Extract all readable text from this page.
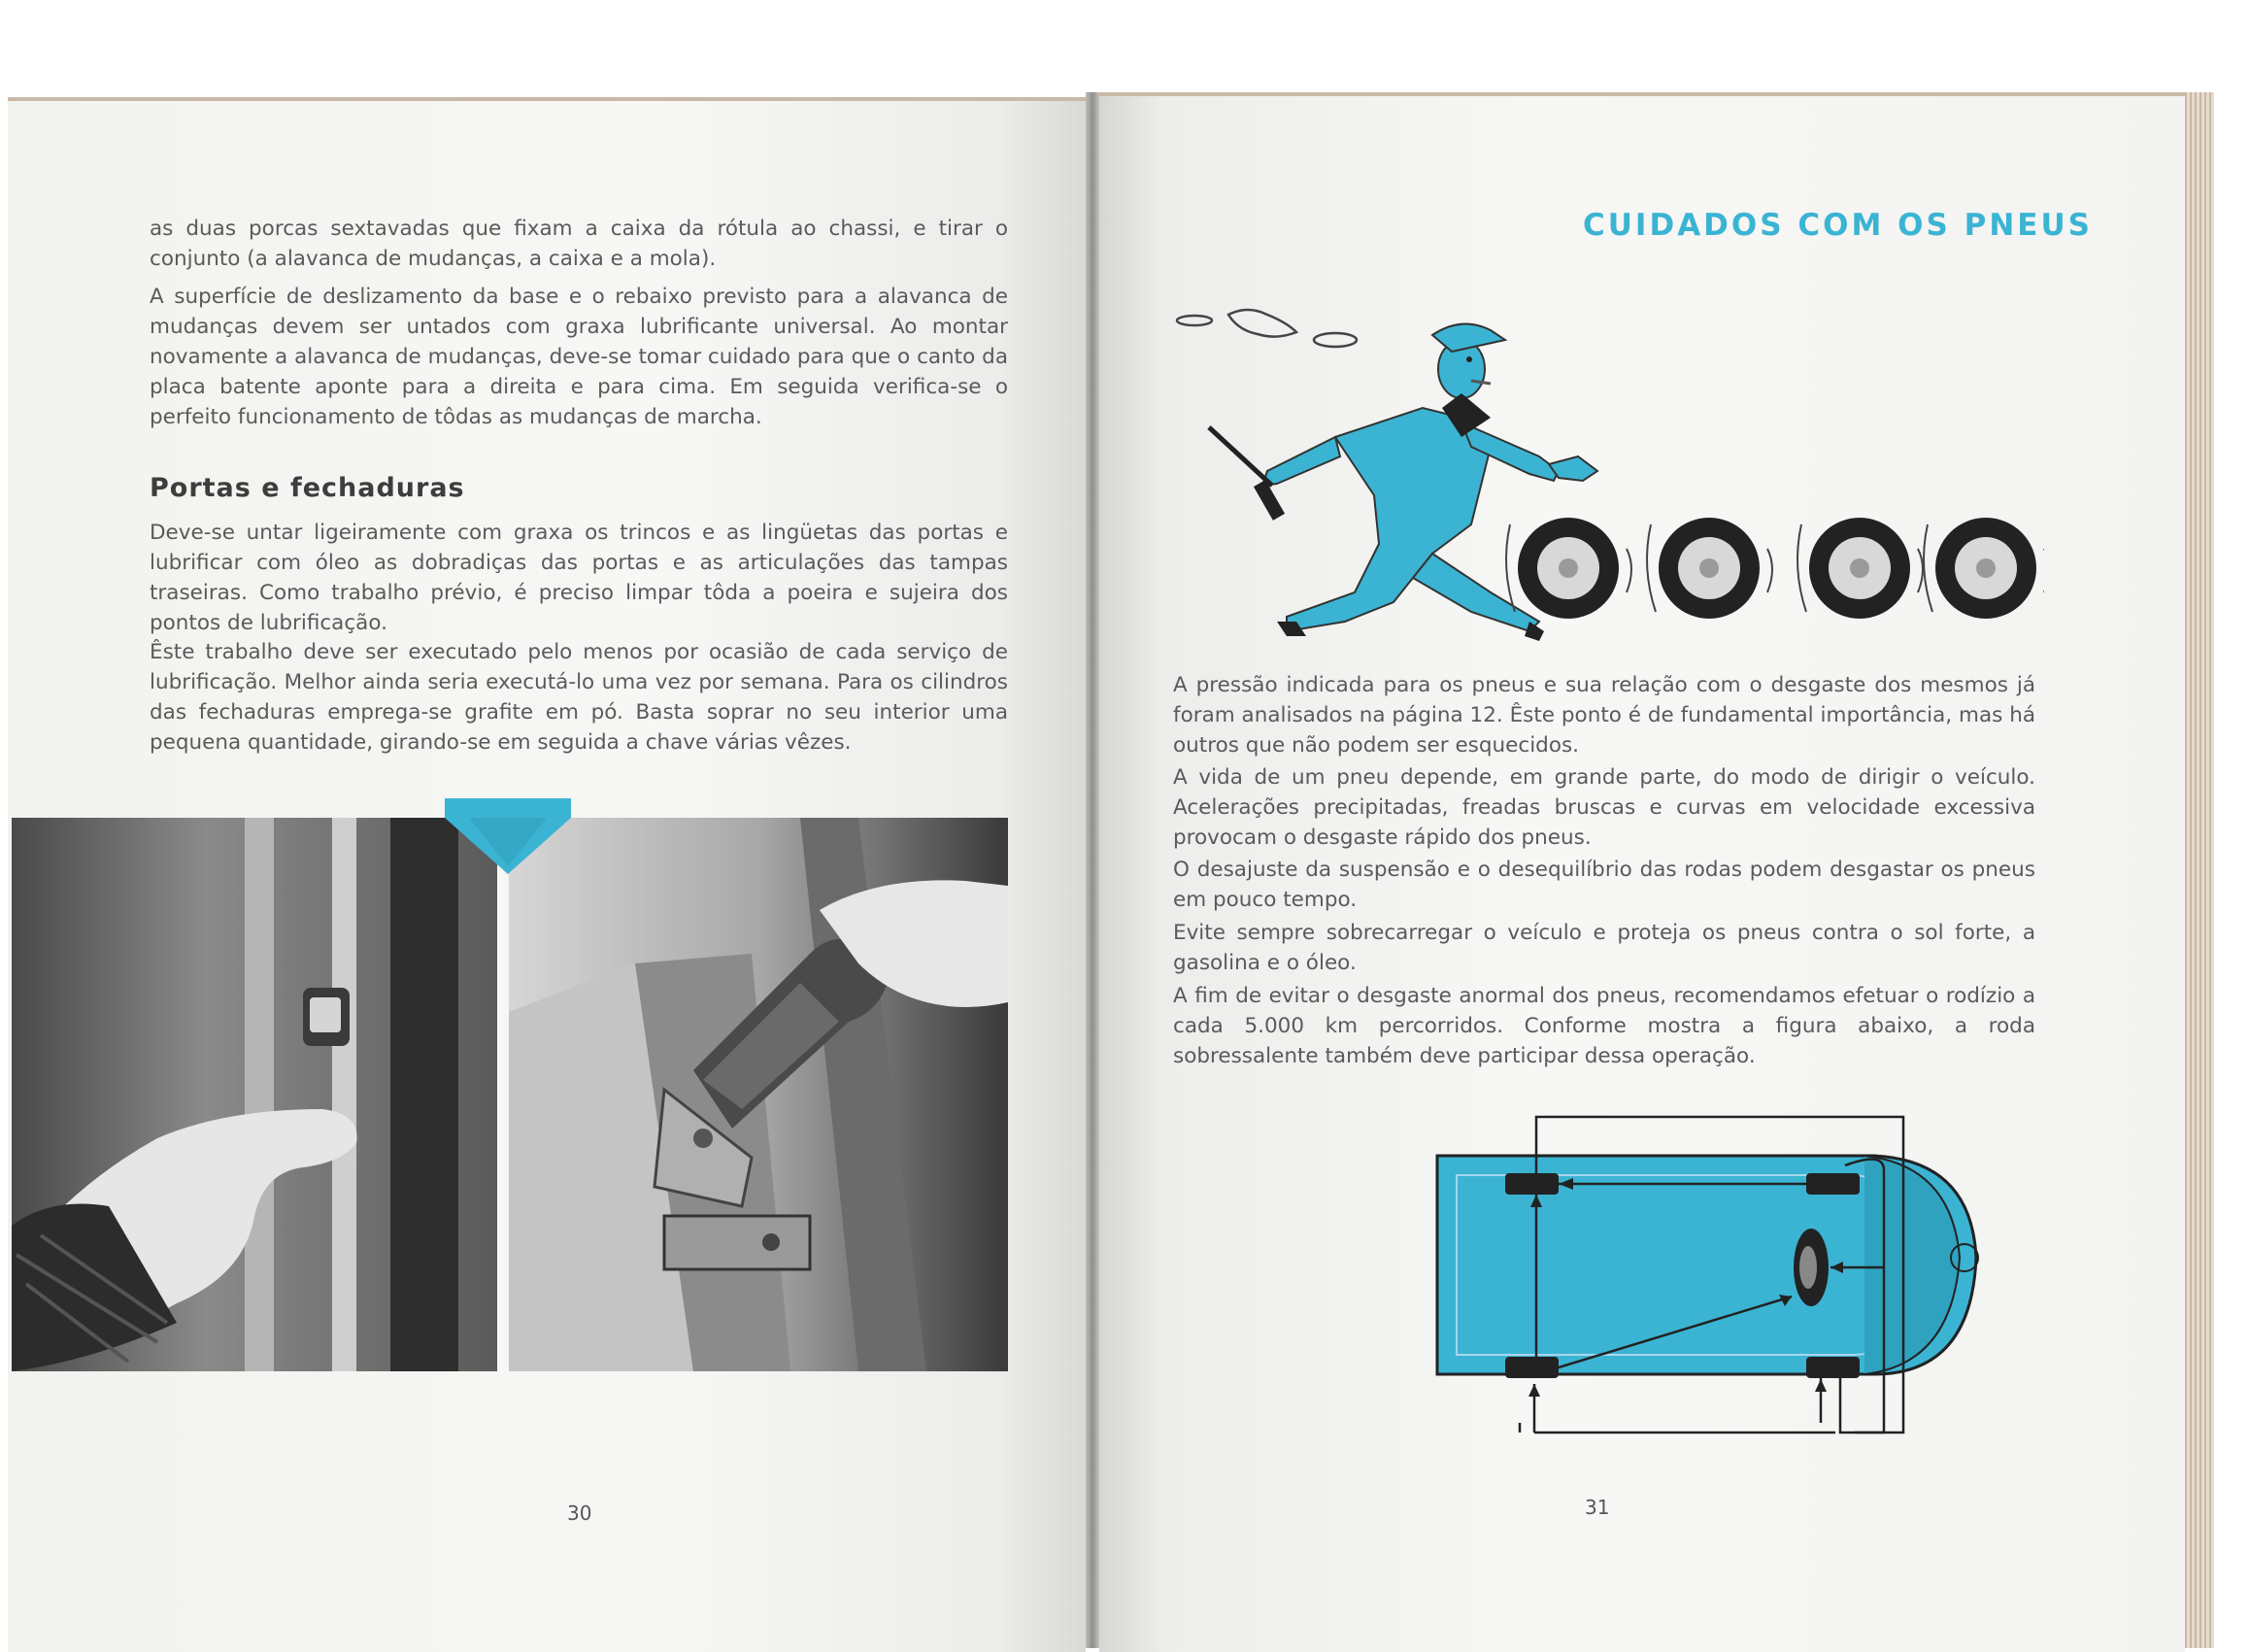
as duas porcas sextavadas que fixam a caixa da rótula ao chassi, e tirar o conjunto (a alavanca de mudanças, a caixa e a mola).

A superfície de deslizamento da base e o rebaixo previsto para a alavanca de mudanças devem ser untados com graxa lubrificante universal. Ao montar novamente a alavanca de mudanças, deve-se tomar cuidado para que o canto da placa batente aponte para a direita e para cima. Em seguida verifica-se o perfeito funcionamento de tôdas as mudanças de marcha.

Portas e fechaduras

Deve-se untar ligeiramente com graxa os trincos e as lingüetas das portas e lubrificar com óleo as dobradiças das portas e as articulações das tampas traseiras. Como trabalho prévio, é preciso limpar tôda a poeira e sujeira dos pontos de lubrificação.

Êste trabalho deve ser executado pelo menos por ocasião de cada serviço de lubrificação. Melhor ainda seria executá-lo uma vez por semana. Para os cilindros das fechaduras emprega-se grafite em pó. Basta soprar no seu interior uma pequena quantidade, girando-se em seguida a chave várias vêzes.

30

CUIDADOS COM OS PNEUS

A pressão indicada para os pneus e sua relação com o desgaste dos mesmos já foram analisados na página 12. Êste ponto é de fundamental importância, mas há outros que não podem ser esquecidos.

A vida de um pneu depende, em grande parte, do modo de dirigir o veículo. Acelerações precipitadas, freadas bruscas e curvas em velocidade excessiva provocam o desgaste rápido dos pneus.

O desajuste da suspensão e o desequilíbrio das rodas podem desgastar os pneus em pouco tempo.

Evite sempre sobrecarregar o veículo e proteja os pneus contra o sol forte, a gasolina e o óleo.

A fim de evitar o desgaste anormal dos pneus, recomendamos efetuar o rodízio a cada 5.000 km percorridos. Conforme mostra a figura abaixo, a roda sobressalente também deve participar dessa operação.

31
